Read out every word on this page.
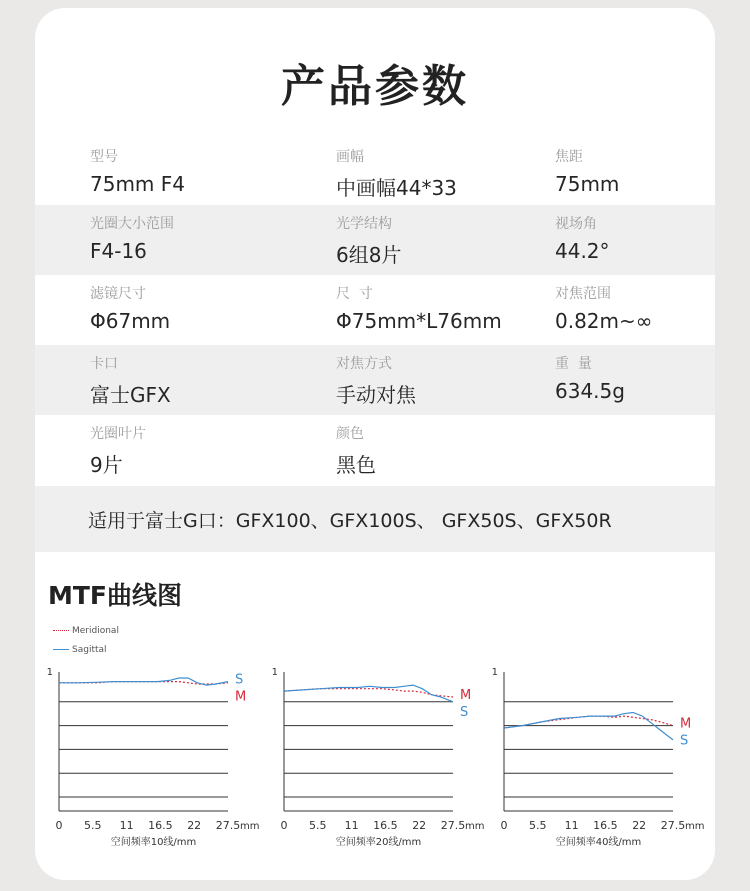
产品参数
型号
75mm F4
画幅
中画幅44*33
焦距
75mm
光圈大小范围
F4-16
光学结构
6组8片
视场角
44.2°
滤镜尺寸
Φ67mm
尺  寸
Φ75mm*L76mm
对焦范围
0.82m~∞
卡口
富士GFX
对焦方式
手动对焦
重  量
634.5g
光圈叶片
9片
颜色
黑色
适用于富士G口：GFX100、GFX100S、 GFX50S、GFX50R
MTF曲线图
Meridional
Sagittal
1
S
M
0 5.5 11 16.5 22 27.5 mm
空间频率10线/mm
1
M
S
0 5.5 11 16.5 22 27.5 mm
空间频率20线/mm
1
M
S
0 5.5 11 16.5 22 27.5 mm
空间频率40线/mm
